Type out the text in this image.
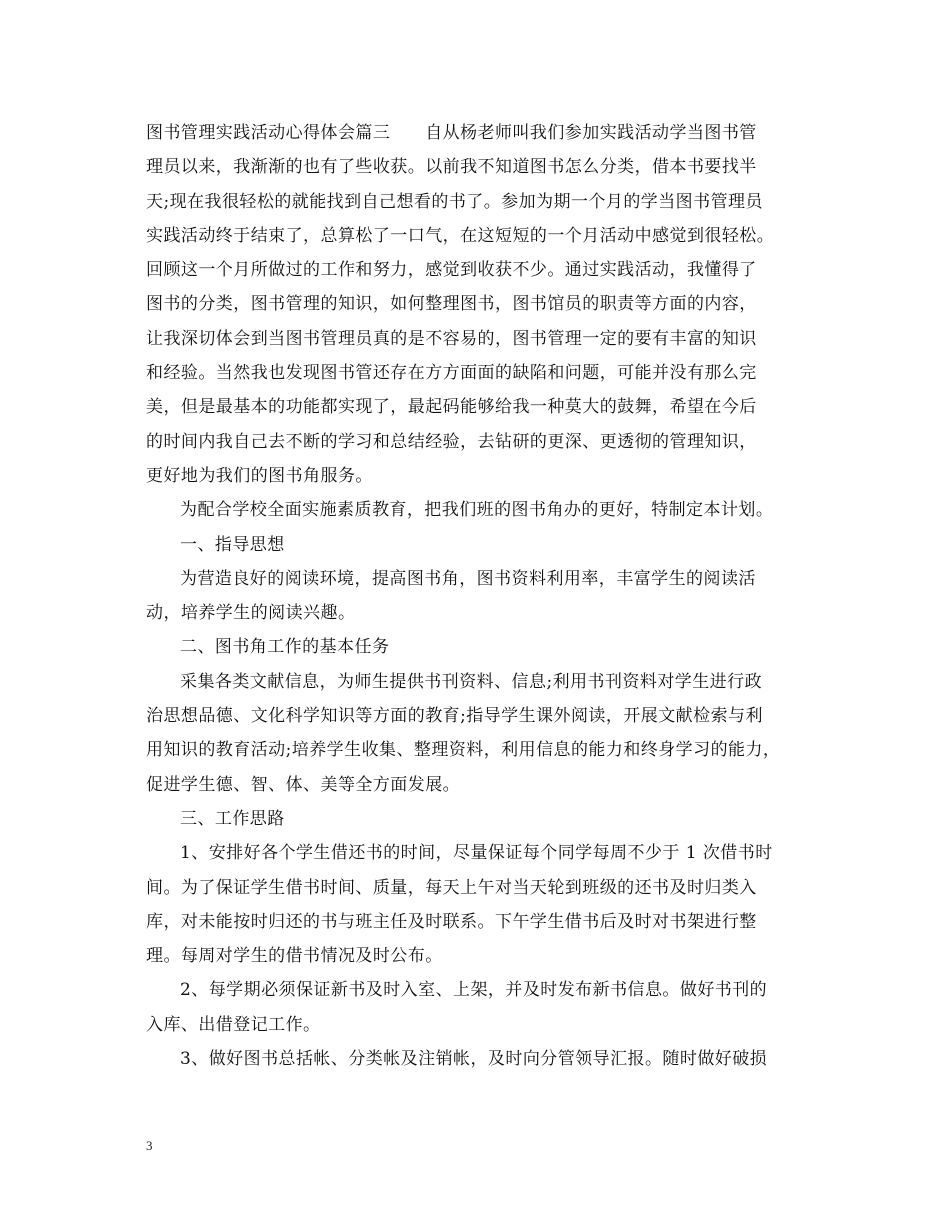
图书管理实践活动心得体会篇三　　自从杨老师叫我们参加实践活动学当图书管
理员以来，我渐渐的也有了些收获。以前我不知道图书怎么分类，借本书要找半
天;现在我很轻松的就能找到自己想看的书了。参加为期一个月的学当图书管理员
实践活动终于结束了，总算松了一口气，在这短短的一个月活动中感觉到很轻松。
回顾这一个月所做过的工作和努力，感觉到收获不少。通过实践活动，我懂得了
图书的分类，图书管理的知识，如何整理图书，图书馆员的职责等方面的内容，
让我深切体会到当图书管理员真的是不容易的，图书管理一定的要有丰富的知识
和经验。当然我也发现图书管还存在方方面面的缺陷和问题，可能并没有那么完
美，但是最基本的功能都实现了，最起码能够给我一种莫大的鼓舞，希望在今后
的时间内我自己去不断的学习和总结经验，去钻研的更深、更透彻的管理知识，
更好地为我们的图书角服务。
为配合学校全面实施素质教育，把我们班的图书角办的更好，特制定本计划。
一、指导思想
为营造良好的阅读环境，提高图书角，图书资料利用率，丰富学生的阅读活
动，培养学生的阅读兴趣。
二、图书角工作的基本任务
采集各类文献信息，为师生提供书刊资料、信息;利用书刊资料对学生进行政
治思想品德、文化科学知识等方面的教育;指导学生课外阅读，开展文献检索与利
用知识的教育活动;培养学生收集、整理资料，利用信息的能力和终身学习的能力，
促进学生德、智、体、美等全方面发展。
三、工作思路
1、安排好各个学生借还书的时间，尽量保证每个同学每周不少于 1 次借书时
间。为了保证学生借书时间、质量，每天上午对当天轮到班级的还书及时归类入
库，对未能按时归还的书与班主任及时联系。下午学生借书后及时对书架进行整
理。每周对学生的借书情况及时公布。
2、每学期必须保证新书及时入室、上架，并及时发布新书信息。做好书刊的
入库、出借登记工作。
3、做好图书总括帐、分类帐及注销帐，及时向分管领导汇报。随时做好破损
3
